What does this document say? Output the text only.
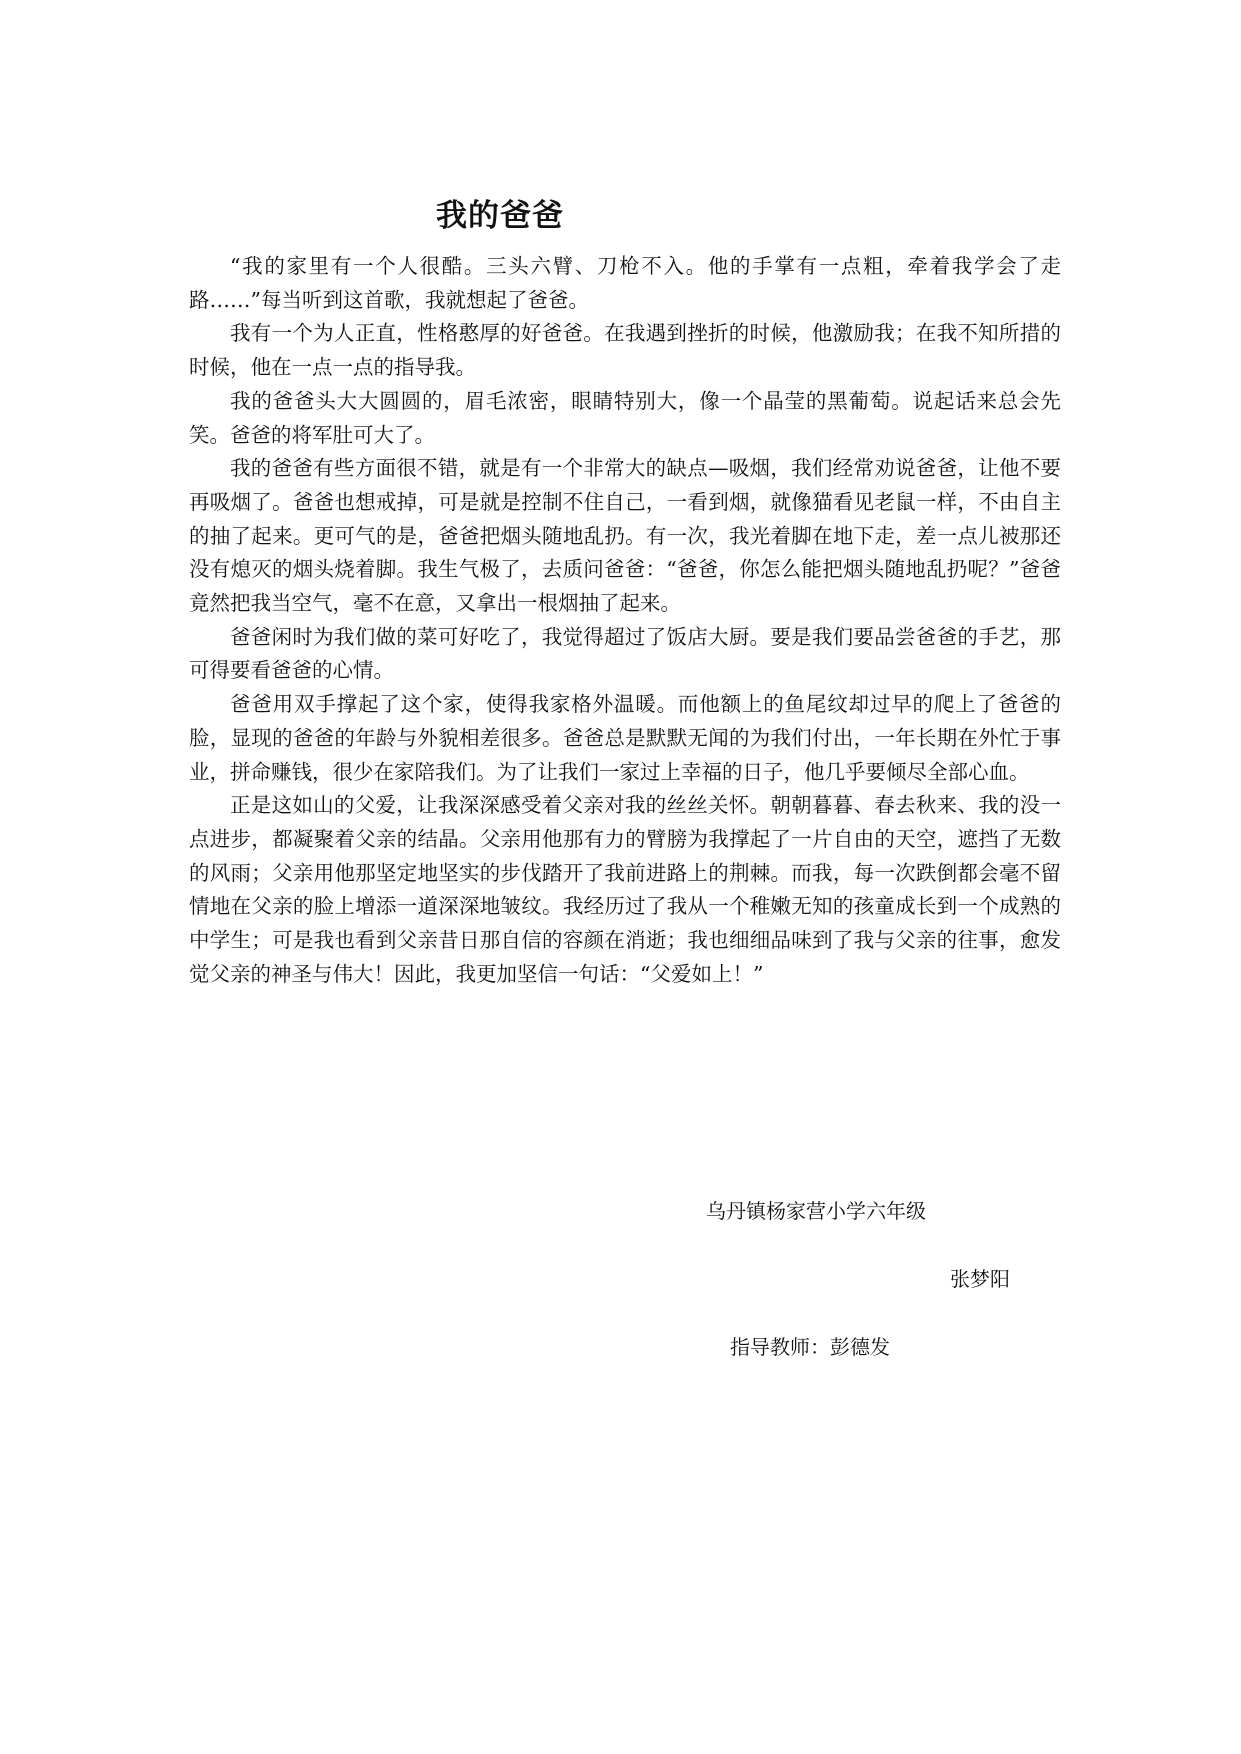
我的爸爸

“我的家里有一个人很酷。三头六臂、刀枪不入。他的手掌有一点粗，牵着我学会了走路……”每当听到这首歌，我就想起了爸爸。

我有一个为人正直，性格憨厚的好爸爸。在我遇到挫折的时候，他激励我；在我不知所措的时候，他在一点一点的指导我。

我的爸爸头大大圆圆的，眉毛浓密，眼睛特别大，像一个晶莹的黑葡萄。说起话来总会先笑。爸爸的将军肚可大了。

我的爸爸有些方面很不错，就是有一个非常大的缺点—吸烟，我们经常劝说爸爸，让他不要再吸烟了。爸爸也想戒掉，可是就是控制不住自己，一看到烟，就像猫看见老鼠一样，不由自主的抽了起来。更可气的是，爸爸把烟头随地乱扔。有一次，我光着脚在地下走，差一点儿被那还没有熄灭的烟头烧着脚。我生气极了，去质问爸爸：“爸爸，你怎么能把烟头随地乱扔呢？”爸爸竟然把我当空气，毫不在意，又拿出一根烟抽了起来。

爸爸闲时为我们做的菜可好吃了，我觉得超过了饭店大厨。要是我们要品尝爸爸的手艺，那可得要看爸爸的心情。

爸爸用双手撑起了这个家，使得我家格外温暖。而他额上的鱼尾纹却过早的爬上了爸爸的脸，显现的爸爸的年龄与外貌相差很多。爸爸总是默默无闻的为我们付出，一年长期在外忙于事业，拼命赚钱，很少在家陪我们。为了让我们一家过上幸福的日子，他几乎要倾尽全部心血。

正是这如山的父爱，让我深深感受着父亲对我的丝丝关怀。朝朝暮暮、春去秋来、我的没一点进步，都凝聚着父亲的结晶。父亲用他那有力的臂膀为我撑起了一片自由的天空，遮挡了无数的风雨；父亲用他那坚定地坚实的步伐踏开了我前进路上的荆棘。而我，每一次跌倒都会毫不留情地在父亲的脸上增添一道深深地皱纹。我经历过了我从一个稚嫩无知的孩童成长到一个成熟的中学生；可是我也看到父亲昔日那自信的容颜在消逝；我也细细品味到了我与父亲的往事，愈发觉父亲的神圣与伟大！因此，我更加坚信一句话：“父爱如上！”

乌丹镇杨家营小学六年级
张梦阳
指导教师：彭德发
